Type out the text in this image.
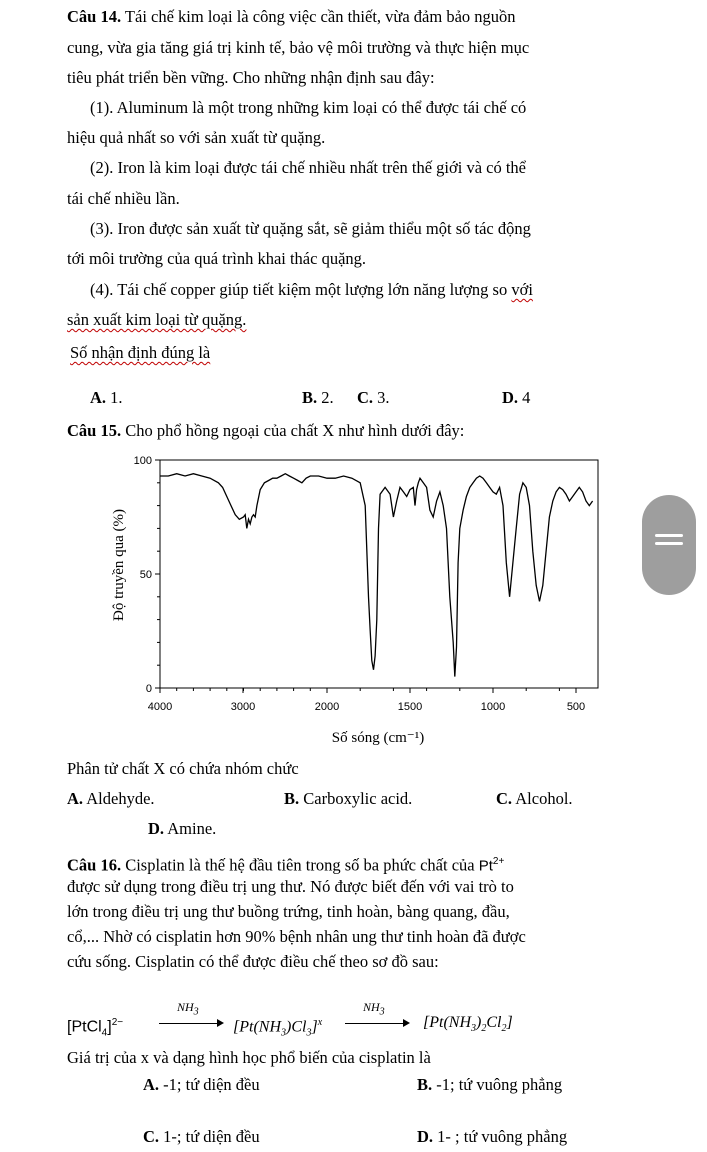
Câu 14. Tái chế kim loại là công việc cần thiết, vừa đảm bảo nguồn
cung, vừa gia tăng giá trị kinh tế, bảo vệ môi trường và thực hiện mục
tiêu phát triển bền vững. Cho những nhận định sau đây:
(1). Aluminum là một trong những kim loại có thể được tái chế có
hiệu quả nhất so với sản xuất từ quặng.
(2). Iron là kim loại được tái chế nhiều nhất trên thế giới và có thể
tái chế nhiều lần.
(3). Iron được sản xuất từ quặng sắt, sẽ giảm thiểu một số tác động
tới môi trường của quá trình khai thác quặng.
(4). Tái chế copper giúp tiết kiệm một lượng lớn năng lượng so với
sản xuất kim loại từ quặng.
Số nhận định đúng là
A. 1.	B. 2. C. 3.	D. 4
Câu 15. Cho phổ hồng ngoại của chất X như hình dưới đây:
4000	3000	2000	1500	1000	500
0
50
100
Độ truyền qua (%)
Số sóng (cm⁻¹)
Phân tử chất X có chứa nhóm chức
A. Aldehyde.	B. Carboxylic acid.	C. Alcohol.
D. Amine.
Câu 16. Cisplatin là thế hệ đầu tiên trong số ba phức chất của $Pt^{2+}$
được sử dụng trong điều trị ung thư. Nó được biết đến với vai trò to
lớn trong điều trị ung thư buồng trứng, tinh hoàn, bàng quang, đầu,
cổ,... Nhờ có cisplatin hơn 90% bệnh nhân ung thư tinh hoàn đã được
cứu sống. Cisplatin có thể được điều chế theo sơ đồ sau:
[PtCl$_4$]$^{2-}$
$NH_3$
$[Pt(NH_3)Cl_3]^x$
$NH_3$
$[Pt(NH_3)_2Cl_2]$
Giá trị của x và dạng hình học phổ biến của cisplatin là
A. -1; tứ diện đều	B. -1; tứ vuông phẳng
C. 1-; tứ diện đều	D. 1- ; tứ vuông phẳng
